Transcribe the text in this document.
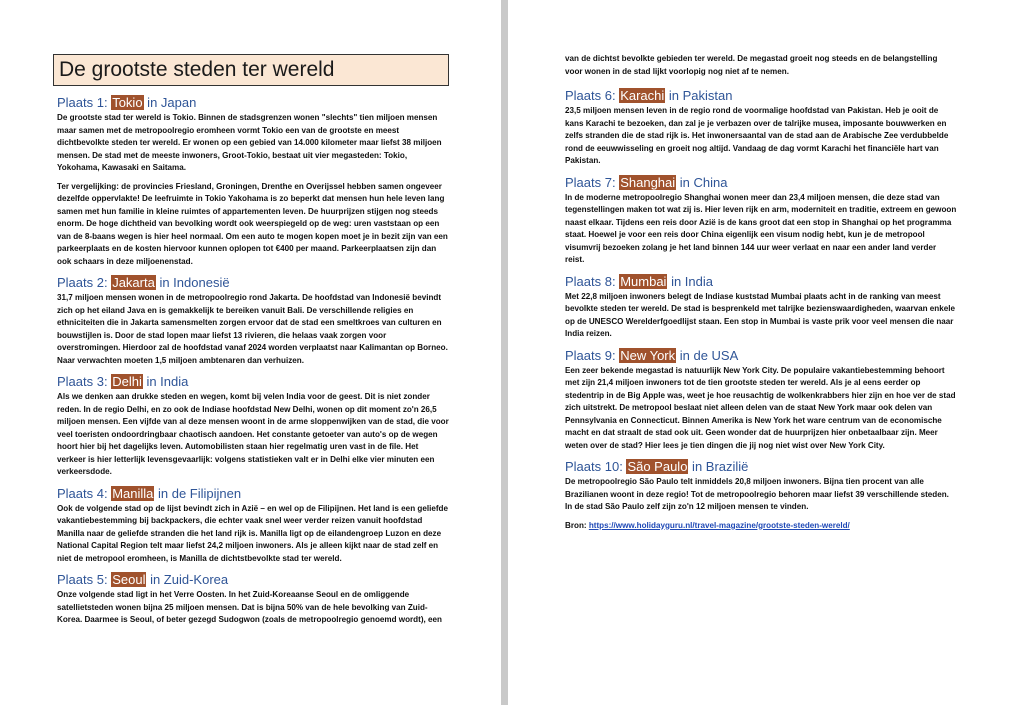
De grootste steden ter wereld
Plaats 1: Tokio in Japan

De grootste stad ter wereld is Tokio. Binnen de stadsgrenzen wonen "slechts" tien miljoen mensen maar samen met de metropoolregio eromheen vormt Tokio een van de grootste en meest dichtbevolkte steden ter wereld. Er wonen op een gebied van 14.000 kilometer maar liefst 38 miljoen mensen. De stad met de meeste inwoners, Groot-Tokio, bestaat uit vier megasteden: Tokio, Yokohama, Kawasaki en Saitama.

Ter vergelijking: de provincies Friesland, Groningen, Drenthe en Overijssel hebben samen ongeveer dezelfde oppervlakte! De leefruimte in Tokio Yakohama is zo beperkt dat mensen hun hele leven lang samen met hun familie in kleine ruimtes of appartementen leven. De huurprijzen stijgen nog steeds enorm. De hoge dichtheid van bevolking wordt ook weerspiegeld op de weg: uren vaststaan op een van de 8-baans wegen is hier heel normaal. Om een auto te mogen kopen moet je in bezit zijn van een parkeerplaats en de kosten hiervoor kunnen oplopen tot €400 per maand. Parkeerplaatsen zijn dan ook schaars in deze miljoenenstad.

Plaats 2: Jakarta in Indonesië

31,7 miljoen mensen wonen in de metropoolregio rond Jakarta. De hoofdstad van Indonesië bevindt zich op het eiland Java en is gemakkelijk te bereiken vanuit Bali. De verschillende religies en ethniciteiten die in Jakarta samensmelten zorgen ervoor dat de stad een smeltkroes van culturen en bouwstijlen is. Door de stad lopen maar liefst 13 rivieren, die helaas vaak zorgen voor overstromingen. Hierdoor zal de hoofdstad vanaf 2024 worden verplaatst naar Kalimantan op Borneo. Naar verwachten moeten 1,5 miljoen ambtenaren dan verhuizen.

Plaats 3: Delhi in India

Als we denken aan drukke steden en wegen, komt bij velen India voor de geest. Dit is niet zonder reden. In de regio Delhi, en zo ook de Indiase hoofdstad New Delhi, wonen op dit moment zo'n 26,5 miljoen mensen. Een vijfde van al deze mensen woont in de arme sloppenwijken van de stad, die voor veel toeristen ondoordringbaar chaotisch aandoen. Het constante getoeter van auto's op de wegen hoort hier bij het dagelijks leven. Automobilisten staan hier regelmatig uren vast in de file. Het verkeer is hier letterlijk levensgevaarlijk: volgens statistieken valt er in Delhi elke vier minuten een verkeersdode.

Plaats 4: Manilla in de Filipijnen

Ook de volgende stad op de lijst bevindt zich in Azië – en wel op de Filipijnen. Het land is een geliefde vakantiebestemming bij backpackers, die echter vaak snel weer verder reizen vanuit hoofdstad Manilla naar de geliefde stranden die het land rijk is. Manilla ligt op de eilandengroep Luzon en deze National Capital Region telt maar liefst 24,2 miljoen inwoners. Als je alleen kijkt naar de stad zelf en niet de metropool eromheen, is Manilla de dichtstbevolkte stad ter wereld.

Plaats 5: Seoul in Zuid-Korea

Onze volgende stad ligt in het Verre Oosten. In het Zuid-Koreaanse Seoul en de omliggende satellietsteden wonen bijna 25 miljoen mensen. Dat is bijna 50% van de hele bevolking van Zuid-Korea. Daarmee is Seoul, of beter gezegd Sudogwon (zoals de metropoolregio genoemd wordt), een

van de dichtst bevolkte gebieden ter wereld. De megastad groeit nog steeds en de belangstelling voor wonen in de stad lijkt voorlopig nog niet af te nemen.

Plaats 6: Karachi in Pakistan

23,5 miljoen mensen leven in de regio rond de voormalige hoofdstad van Pakistan. Heb je ooit de kans Karachi te bezoeken, dan zal je je verbazen over de talrijke musea, imposante bouwwerken en zelfs stranden die de stad rijk is. Het inwonersaantal van de stad aan de Arabische Zee verdubbelde rond de eeuwwisseling en groeit nog altijd. Vandaag de dag vormt Karachi het financiële hart van Pakistan.

Plaats 7: Shanghai in China

In de moderne metropoolregio Shanghai wonen meer dan 23,4 miljoen mensen, die deze stad van tegenstellingen maken tot wat zij is. Hier leven rijk en arm, moderniteit en traditie, extreem en gewoon naast elkaar. Tijdens een reis door Azië is de kans groot dat een stop in Shanghai op het programma staat. Hoewel je voor een reis door China eigenlijk een visum nodig hebt, kun je de metropool visumvrij bezoeken zolang je het land binnen 144 uur weer verlaat en naar een ander land verder reist.

Plaats 8: Mumbai in India

Met 22,8 miljoen inwoners belegt de Indiase kuststad Mumbai plaats acht in de ranking van meest bevolkte steden ter wereld. De stad is besprenkeld met talrijke bezienswaardigheden, waarvan enkele op de UNESCO Werelderfgoedlijst staan. Een stop in Mumbai is vaste prik voor veel mensen die naar India reizen.

Plaats 9: New York in de USA

Een zeer bekende megastad is natuurlijk New York City. De populaire vakantiebestemming behoort met zijn 21,4 miljoen inwoners tot de tien grootste steden ter wereld. Als je al eens eerder op stedentrip in de Big Apple was, weet je hoe reusachtig de wolkenkrabbers hier zijn en hoe ver de stad zich uitstrekt. De metropool beslaat niet alleen delen van de staat New York maar ook delen van Pennsylvania en Connecticut. Binnen Amerika is New York het ware centrum van de economische macht en dat straalt de stad ook uit. Geen wonder dat de huurprijzen hier onbetaalbaar zijn. Meer weten over de stad? Hier lees je tien dingen die jij nog niet wist over New York City.

Plaats 10: São Paulo in Brazilië

De metropoolregio São Paulo telt inmiddels 20,8 miljoen inwoners. Bijna tien procent van alle Brazilianen woont in deze regio! Tot de metropoolregio behoren maar liefst 39 verschillende steden. In de stad São Paulo zelf zijn zo'n 12 miljoen mensen te vinden.

Bron: https://www.holidayguru.nl/travel-magazine/grootste-steden-wereld/
